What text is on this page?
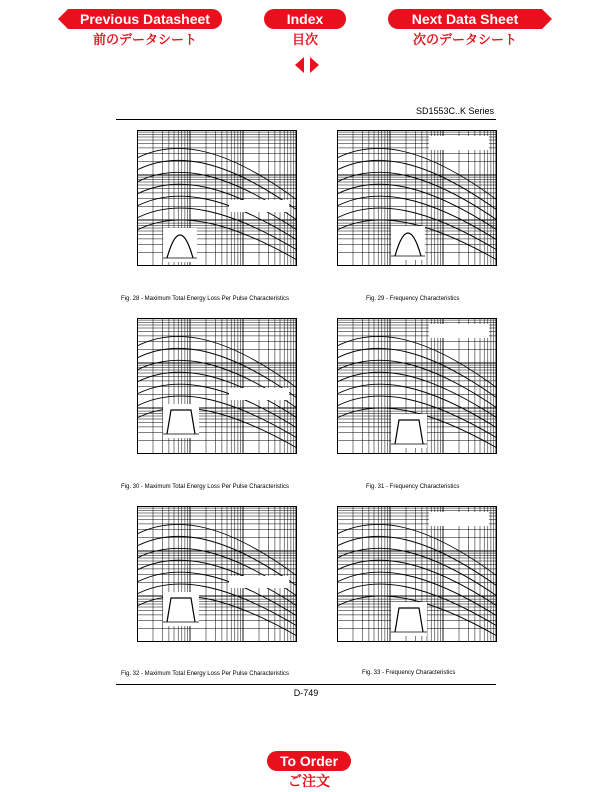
Previous Datasheet
前のデータシート
Index
目次
Next Data Sheet
次のデータシート
SD1553C..K Series
Fig. 28 - Maximum Total Energy Loss Per Pulse Characteristics	Fig. 29 - Frequency Characteristics
Fig. 30 - Maximum Total Energy Loss Per Pulse Characteristics	Fig. 31 - Frequency Characteristics
Fig. 32 - Maximum Total Energy Loss Per Pulse Characteristics	Fig. 33 - Frequency Characteristics
D-749
To Order
ご注文
